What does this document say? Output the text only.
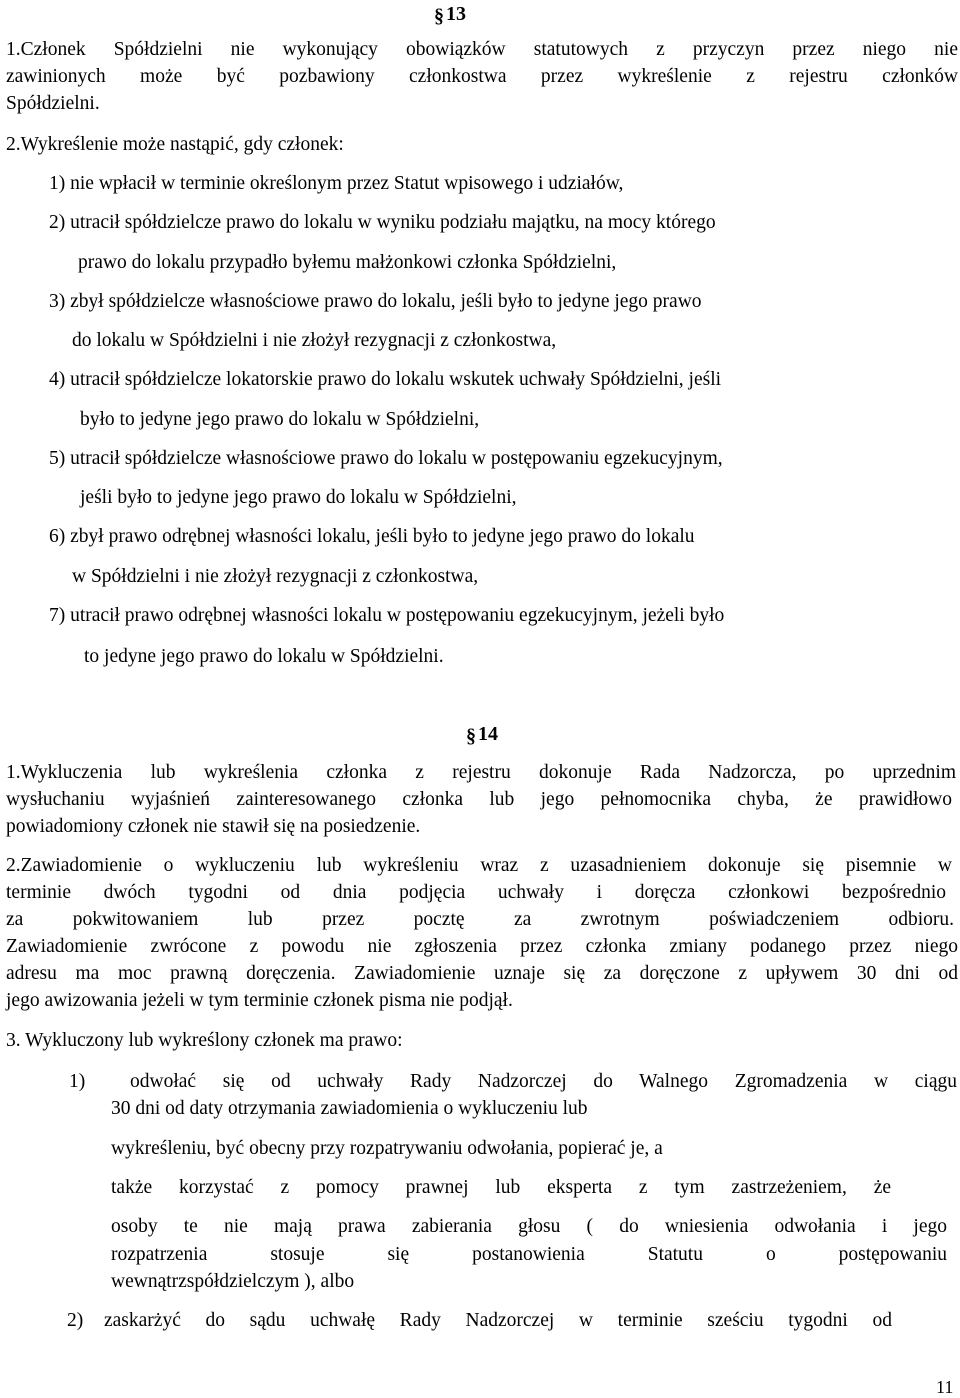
§ 13
1.Członek Spółdzielni nie wykonujący obowiązków statutowych z przyczyn przez niego nie
zawinionych może być pozbawiony członkostwa przez wykreślenie z rejestru członków
Spółdzielni.
2.Wykreślenie może nastąpić, gdy członek:
1) nie wpłacił w terminie określonym przez Statut wpisowego i udziałów,
2) utracił spółdzielcze prawo do lokalu w wyniku podziału majątku, na mocy którego
prawo do lokalu przypadło byłemu małżonkowi członka Spółdzielni,
3) zbył spółdzielcze własnościowe prawo do lokalu, jeśli było to jedyne jego prawo
do lokalu w Spółdzielni i nie złożył rezygnacji z członkostwa,
4) utracił spółdzielcze lokatorskie prawo do lokalu wskutek uchwały Spółdzielni, jeśli
było to jedyne jego prawo do lokalu w Spółdzielni,
5) utracił spółdzielcze własnościowe prawo do lokalu w postępowaniu egzekucyjnym,
jeśli było to jedyne jego prawo do lokalu w Spółdzielni,
6) zbył prawo odrębnej własności lokalu, jeśli było to jedyne jego prawo do lokalu
w Spółdzielni i nie złożył rezygnacji z członkostwa,
7) utracił prawo odrębnej własności lokalu w postępowaniu egzekucyjnym, jeżeli było
to jedyne jego prawo do lokalu w Spółdzielni.
§ 14
1.Wykluczenia lub wykreślenia członka z rejestru dokonuje Rada Nadzorcza, po uprzednim
wysłuchaniu wyjaśnień zainteresowanego członka lub jego pełnomocnika chyba, że prawidłowo
powiadomiony członek nie stawił się na posiedzenie.
2.Zawiadomienie o wykluczeniu lub wykreśleniu wraz z uzasadnieniem dokonuje się pisemnie w
terminie dwóch tygodni od dnia podjęcia uchwały i doręcza członkowi bezpośrednio
za pokwitowaniem lub przez pocztę za zwrotnym poświadczeniem odbioru.
Zawiadomienie zwrócone z powodu nie zgłoszenia przez członka zmiany podanego przez niego
adresu ma moc prawną doręczenia. Zawiadomienie uznaje się za doręczone z upływem 30 dni od
jego awizowania jeżeli w tym terminie członek pisma nie podjął.
3. Wykluczony lub wykreślony członek ma prawo:
1) odwołać się od uchwały Rady Nadzorczej do Walnego Zgromadzenia w ciągu
30 dni od daty otrzymania zawiadomienia o wykluczeniu lub
wykreśleniu, być obecny przy rozpatrywaniu odwołania, popierać je, a
także korzystać z pomocy prawnej lub eksperta z tym zastrzeżeniem, że
osoby te nie mają prawa zabierania głosu ( do wniesienia odwołania i jego
rozpatrzenia stosuje się postanowienia Statutu o postępowaniu
wewnątrzspółdzielczym ), albo
2) zaskarżyć do sądu uchwałę Rady Nadzorczej w terminie sześciu tygodni od
11
